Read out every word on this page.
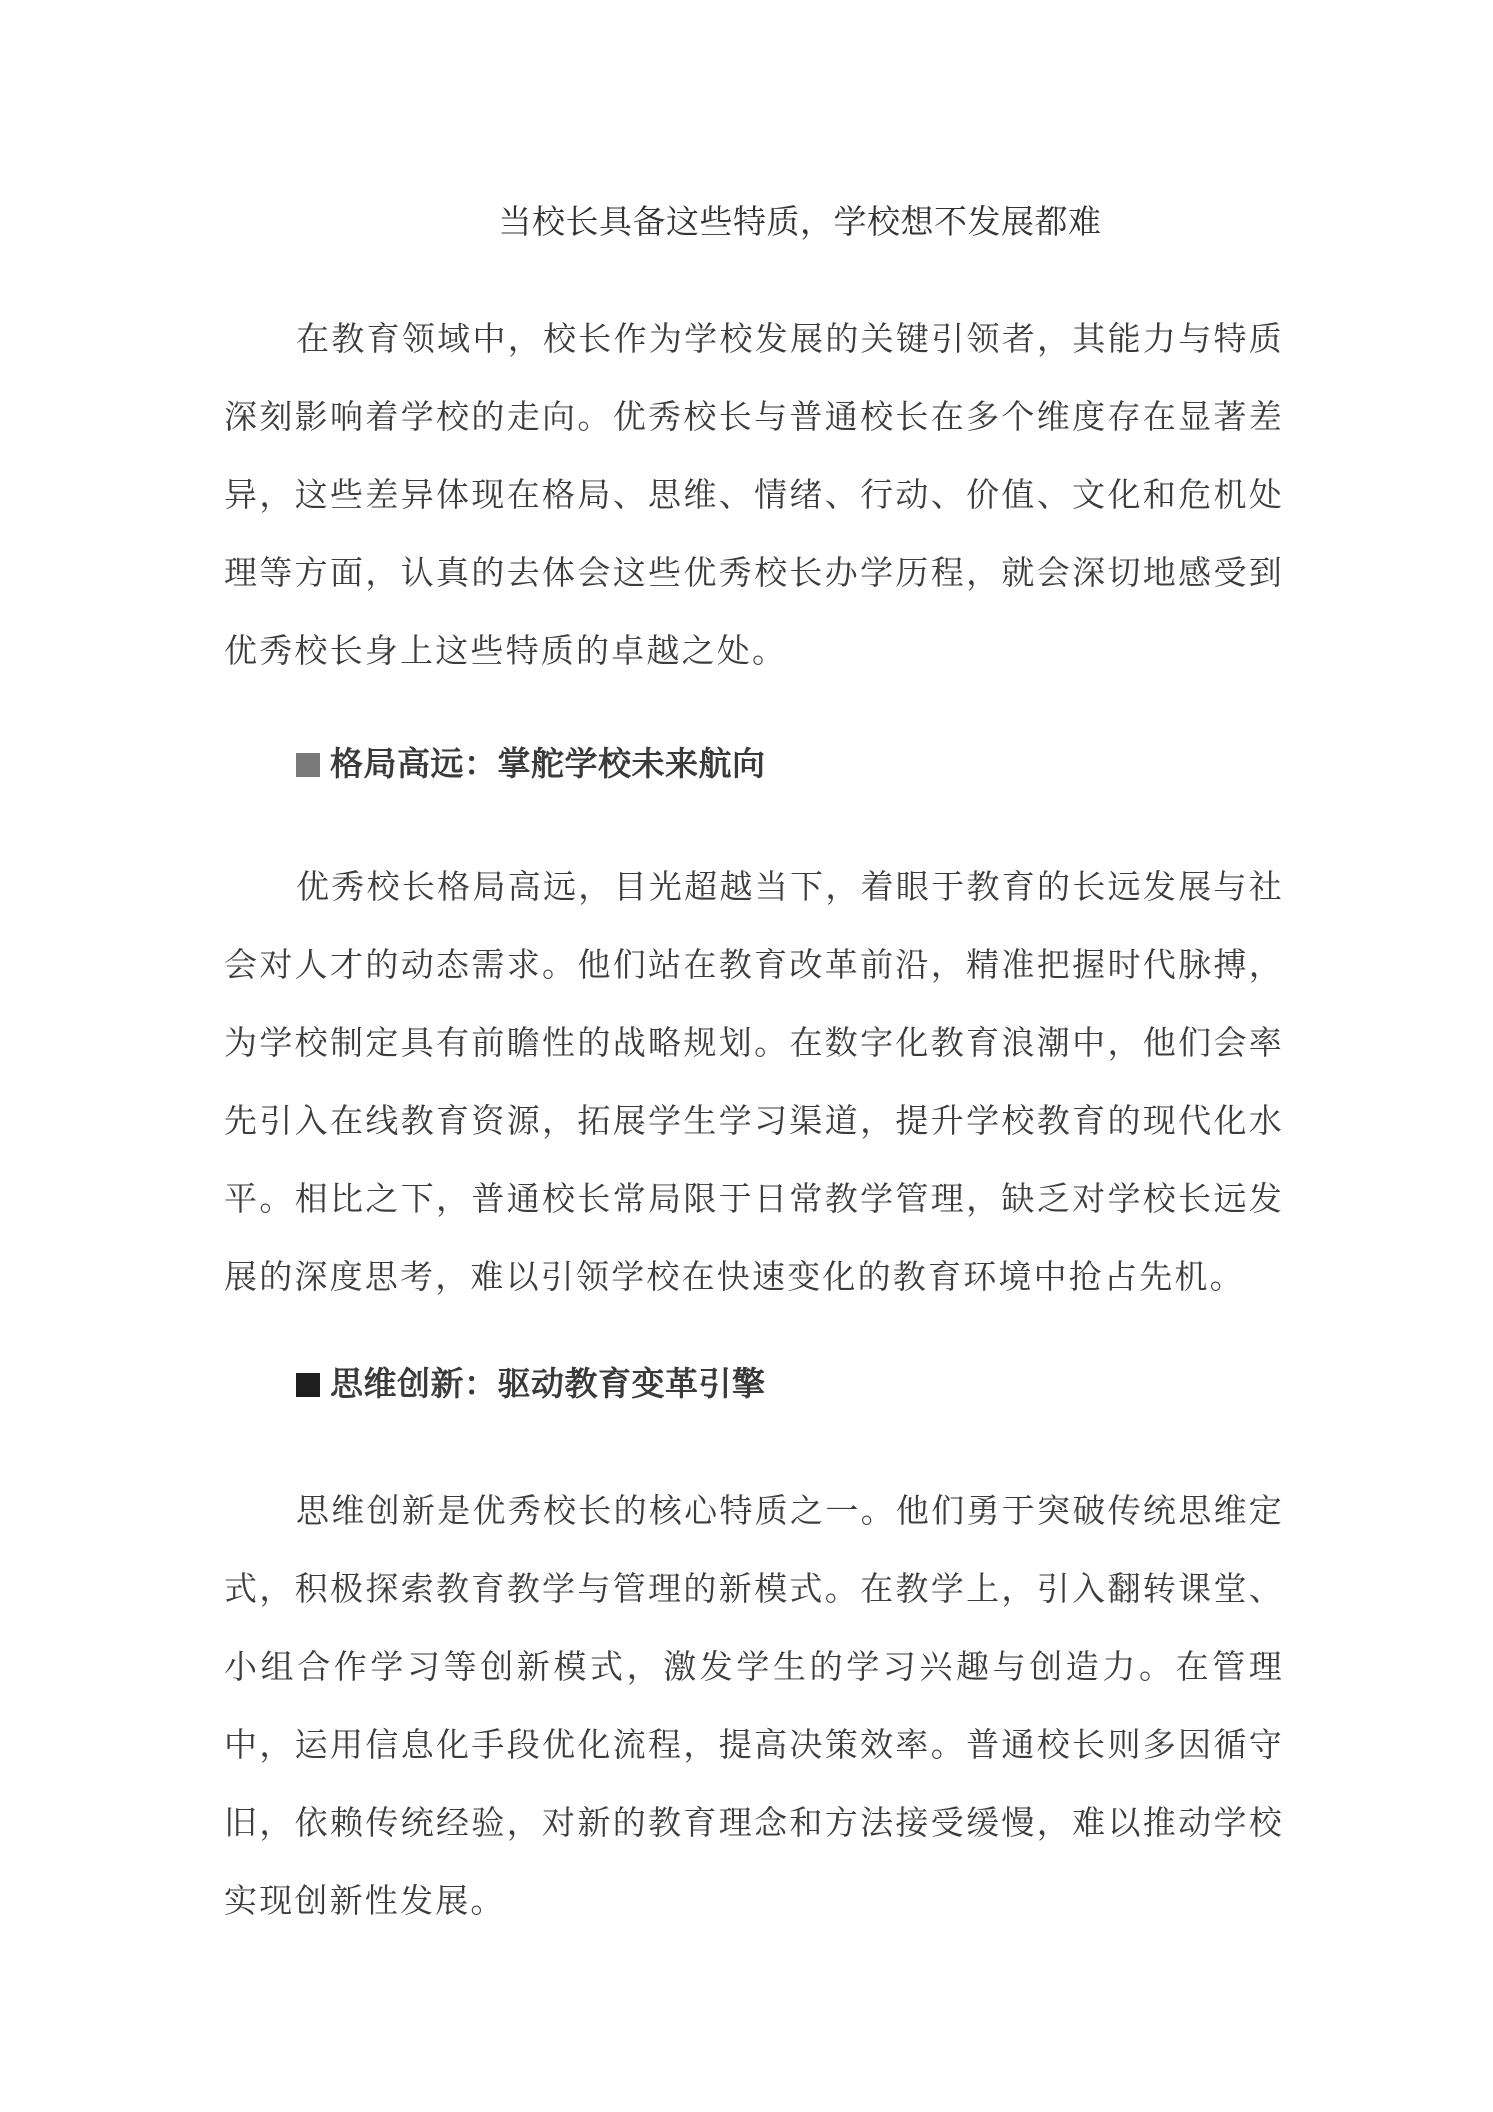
当校长具备这些特质，学校想不发展都难

在教育领域中，校长作为学校发展的关键引领者，其能力与特质深刻影响着学校的走向。优秀校长与普通校长在多个维度存在显著差异，这些差异体现在格局、思维、情绪、行动、价值、文化和危机处理等方面，认真的去体会这些优秀校长办学历程，就会深切地感受到优秀校长身上这些特质的卓越之处。

格局高远：掌舵学校未来航向

优秀校长格局高远，目光超越当下，着眼于教育的长远发展与社会对人才的动态需求。他们站在教育改革前沿，精准把握时代脉搏，为学校制定具有前瞻性的战略规划。在数字化教育浪潮中，他们会率先引入在线教育资源，拓展学生学习渠道，提升学校教育的现代化水平。相比之下，普通校长常局限于日常教学管理，缺乏对学校长远发展的深度思考，难以引领学校在快速变化的教育环境中抢占先机。

思维创新：驱动教育变革引擎

思维创新是优秀校长的核心特质之一。他们勇于突破传统思维定式，积极探索教育教学与管理的新模式。在教学上，引入翻转课堂、小组合作学习等创新模式，激发学生的学习兴趣与创造力。在管理中，运用信息化手段优化流程，提高决策效率。普通校长则多因循守旧，依赖传统经验，对新的教育理念和方法接受缓慢，难以推动学校实现创新性发展。
